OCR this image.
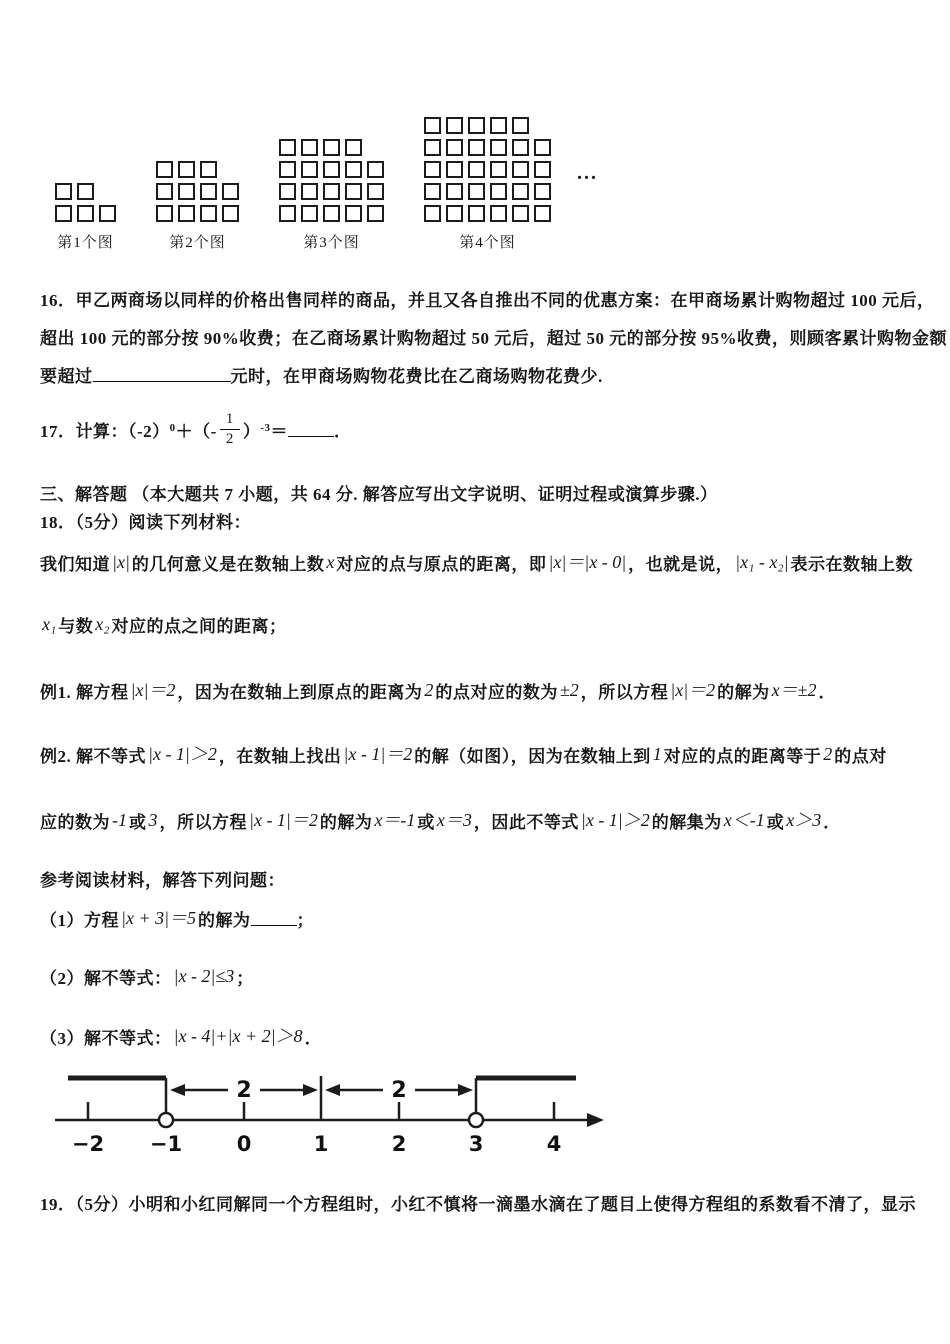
第1个图	第2个图	第3个图	第4个图
...
16．甲乙两商场以同样的价格出售同样的商品，并且又各自推出不同的优惠方案：在甲商场累计购物超过 100 元后，
超出 100 元的部分按 90%收费；在乙商场累计购物超过 50 元后，超过 50 元的部分按 95%收费，则顾客累计购物金额
要超过	元时，在甲商场购物花费比在乙商场购物花费少.
17．计算：$(-2)^0$ ＋（- $\frac{1}{2} )^{-3}$ ＝	．
三、解答题 （本大题共 7 小题，共 64 分. 解答应写出文字说明、证明过程或演算步骤.）
18．（5分）阅读下列材料：
我们知道 |x| 的几何意义是在数轴上数 x 对应的点与原点的距离，即 |x|＝|x - 0| ，也就是说， |x₁ - x₂| 表示在数轴上数
x₁ 与数 x₂ 对应的点之间的距离；
例1. 解方程 |x|＝2 ，因为在数轴上到原点的距离为 2 的点对应的数为 ±2 ，所以方程 |x|＝2 的解为 x＝±2 ．
例2. 解不等式 |x - 1|＞2 ，在数轴上找出 |x - 1|＝2 的解（如图），因为在数轴上到 1 对应的点的距离等于 2 的点对
应的数为 -1 或 3 ，所以方程 |x - 1|＝2 的解为 x＝-1 或 x＝3 ，因此不等式 |x - 1|＞2 的解集为 x＜-1 或 x＞3 ．
参考阅读材料，解答下列问题：
（1）方程 |x + 3|＝5 的解为	；
（2）解不等式： |x - 2|≤3 ；
（3）解不等式： |x - 4|+|x + 2|＞8 ．
2	2
−2 −1	0	1	2	3	4
19．（5分）小明和小红同解同一个方程组时，小红不慎将一滴墨水滴在了题目上使得方程组的系数看不清了，显示
